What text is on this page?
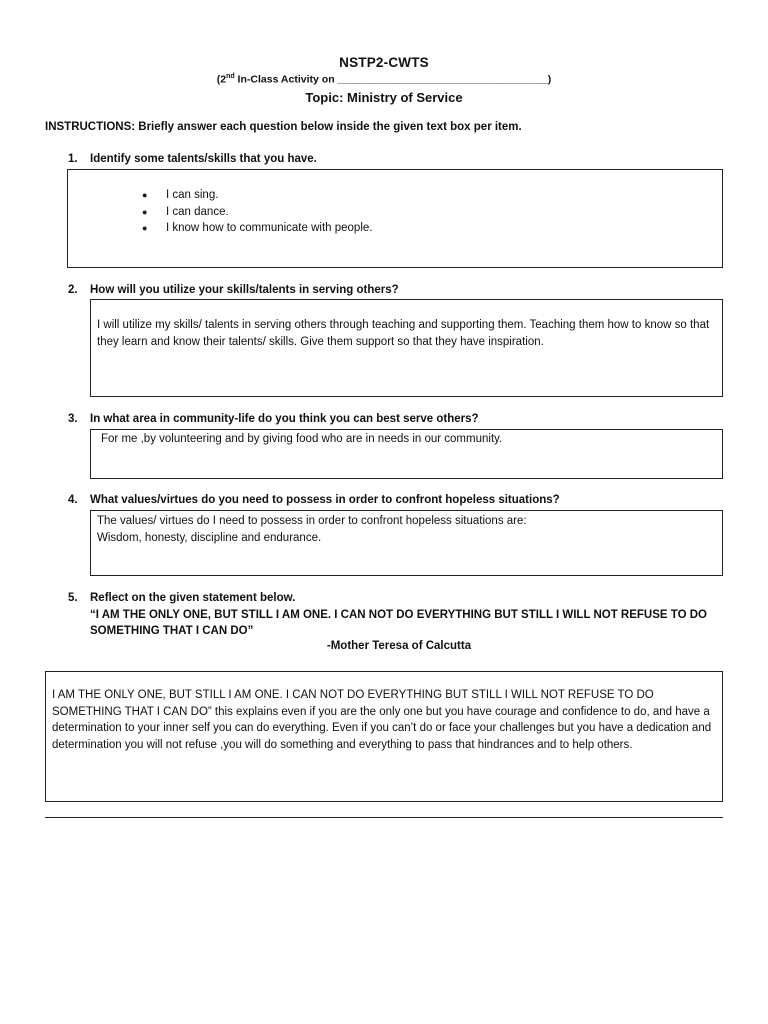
NSTP2-CWTS
(2nd In-Class Activity on ____________________________________)
Topic: Ministry of Service
INSTRUCTIONS: Briefly answer each question below inside the given text box per item.
1. Identify some talents/skills that you have.
● I can sing.
● I can dance.
● I know how to communicate with people.
2. How will you utilize your skills/talents in serving others?
I will utilize my skills/ talents in serving others through teaching and supporting them. Teaching them how to know so that they learn and know their talents/ skills. Give them support so that they have inspiration.
3. In what area in community-life do you think you can best serve others?
For me ,by volunteering and by giving food who are in needs in our community.
4. What values/virtues do you need to possess in order to confront hopeless situations?
The values/ virtues do I need to possess in order to confront hopeless situations are:
Wisdom, honesty, discipline and endurance.
5. Reflect on the given statement below.
“I AM THE ONLY ONE, BUT STILL I AM ONE. I CAN NOT DO EVERYTHING BUT STILL I WILL NOT REFUSE TO DO SOMETHING THAT I CAN DO”
-Mother Teresa of Calcutta
I AM THE ONLY ONE, BUT STILL I AM ONE. I CAN NOT DO EVERYTHING BUT STILL I WILL NOT REFUSE TO DO SOMETHING THAT I CAN DO” this explains even if you are the only one but you have courage and confidence to do, and have a determination to your inner self you can do everything. Even if you can’t do or face your challenges but you have a dedication and determination you will not refuse ,you will do something and everything to pass that hindrances and to help others.
